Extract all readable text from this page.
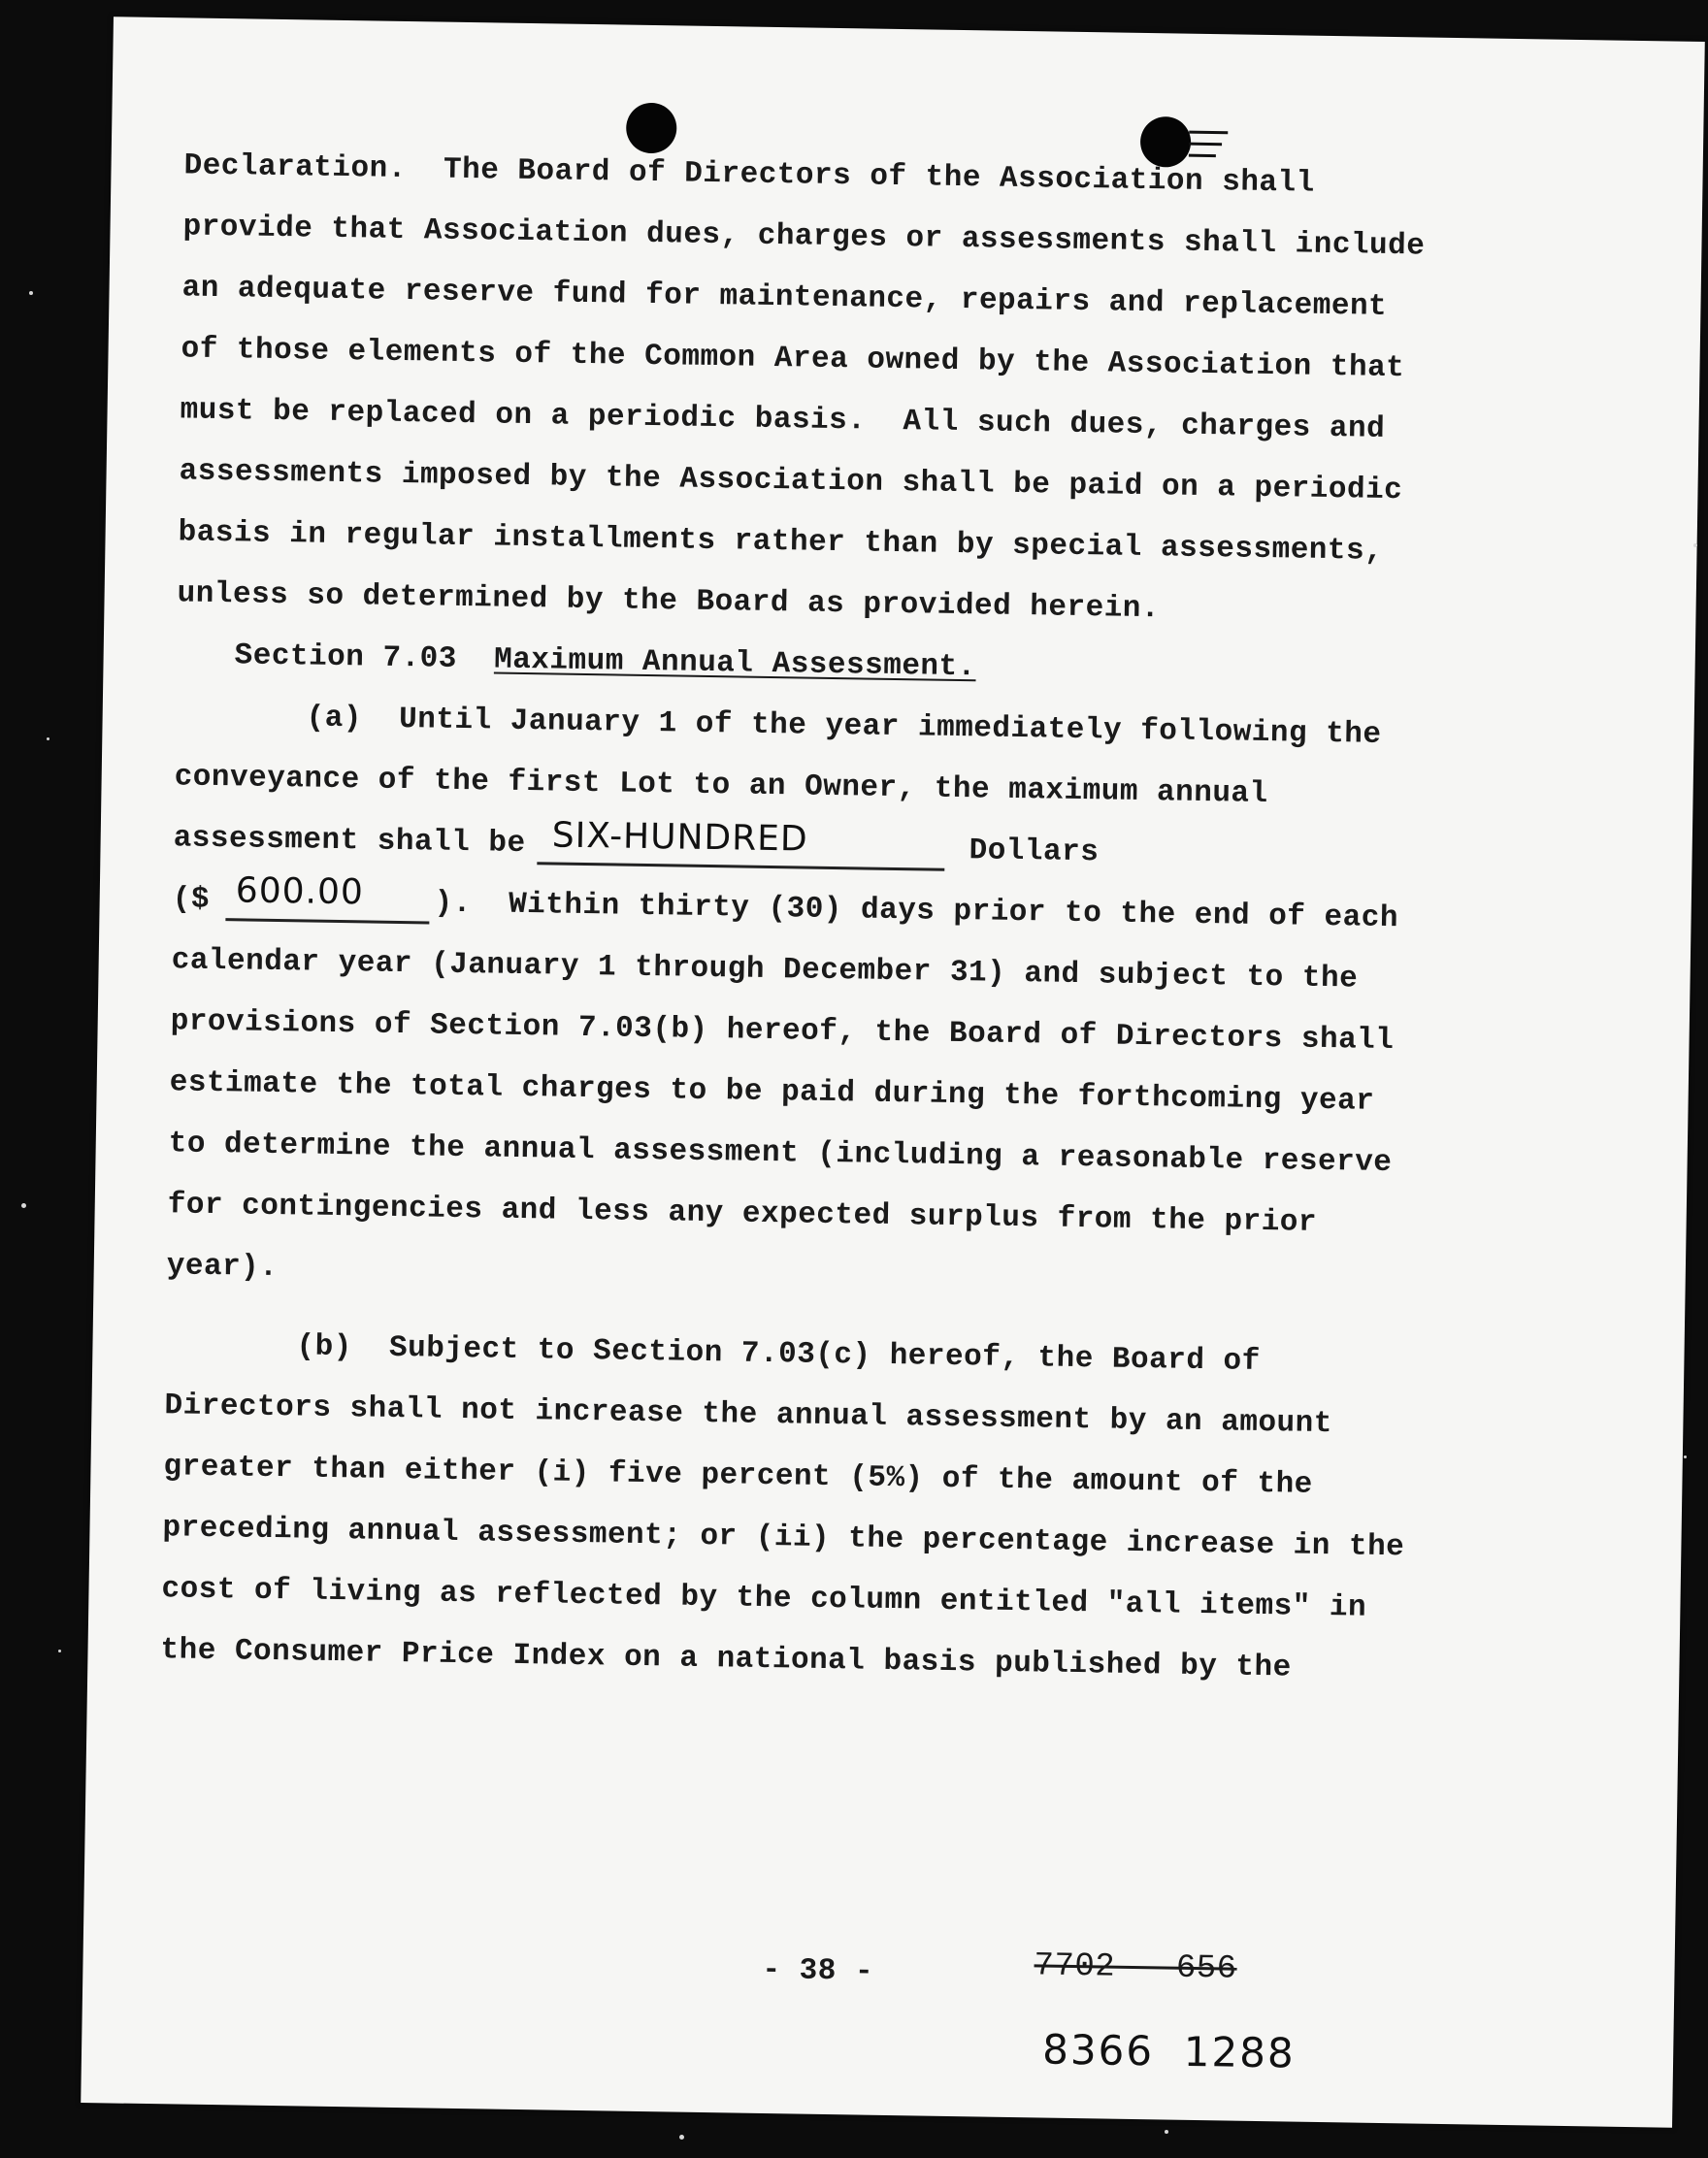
Declaration.  The Board of Directors of the Association shall
provide that Association dues, charges or assessments shall include
an adequate reserve fund for maintenance, repairs and replacement
of those elements of the Common Area owned by the Association that
must be replaced on a periodic basis.  All such dues, charges and
assessments imposed by the Association shall be paid on a periodic
basis in regular installments rather than by special assessments,
unless so determined by the Board as provided herein.
Section 7.03 Maximum Annual Assessment.
(a)  Until January 1 of the year immediately following the
conveyance of the first Lot to an Owner, the maximum annual
assessment shall be SIX-HUNDRED	Dollars
($ 600.00 ).  Within thirty (30) days prior to the end of each
calendar year (January 1 through December 31) and subject to the
provisions of Section 7.03(b) hereof, the Board of Directors shall
estimate the total charges to be paid during the forthcoming year
to determine the annual assessment (including a reasonable reserve
for contingencies and less any expected surplus from the prior
year).
(b)  Subject to Section 7.03(c) hereof, the Board of
Directors shall not increase the annual assessment by an amount
greater than either (i) five percent (5%) of the amount of the
preceding annual assessment; or (ii) the percentage increase in the
cost of living as reflected by the column entitled "all items" in
the Consumer Price Index on a national basis published by the
- 38 -	7702   656
8366  1288
